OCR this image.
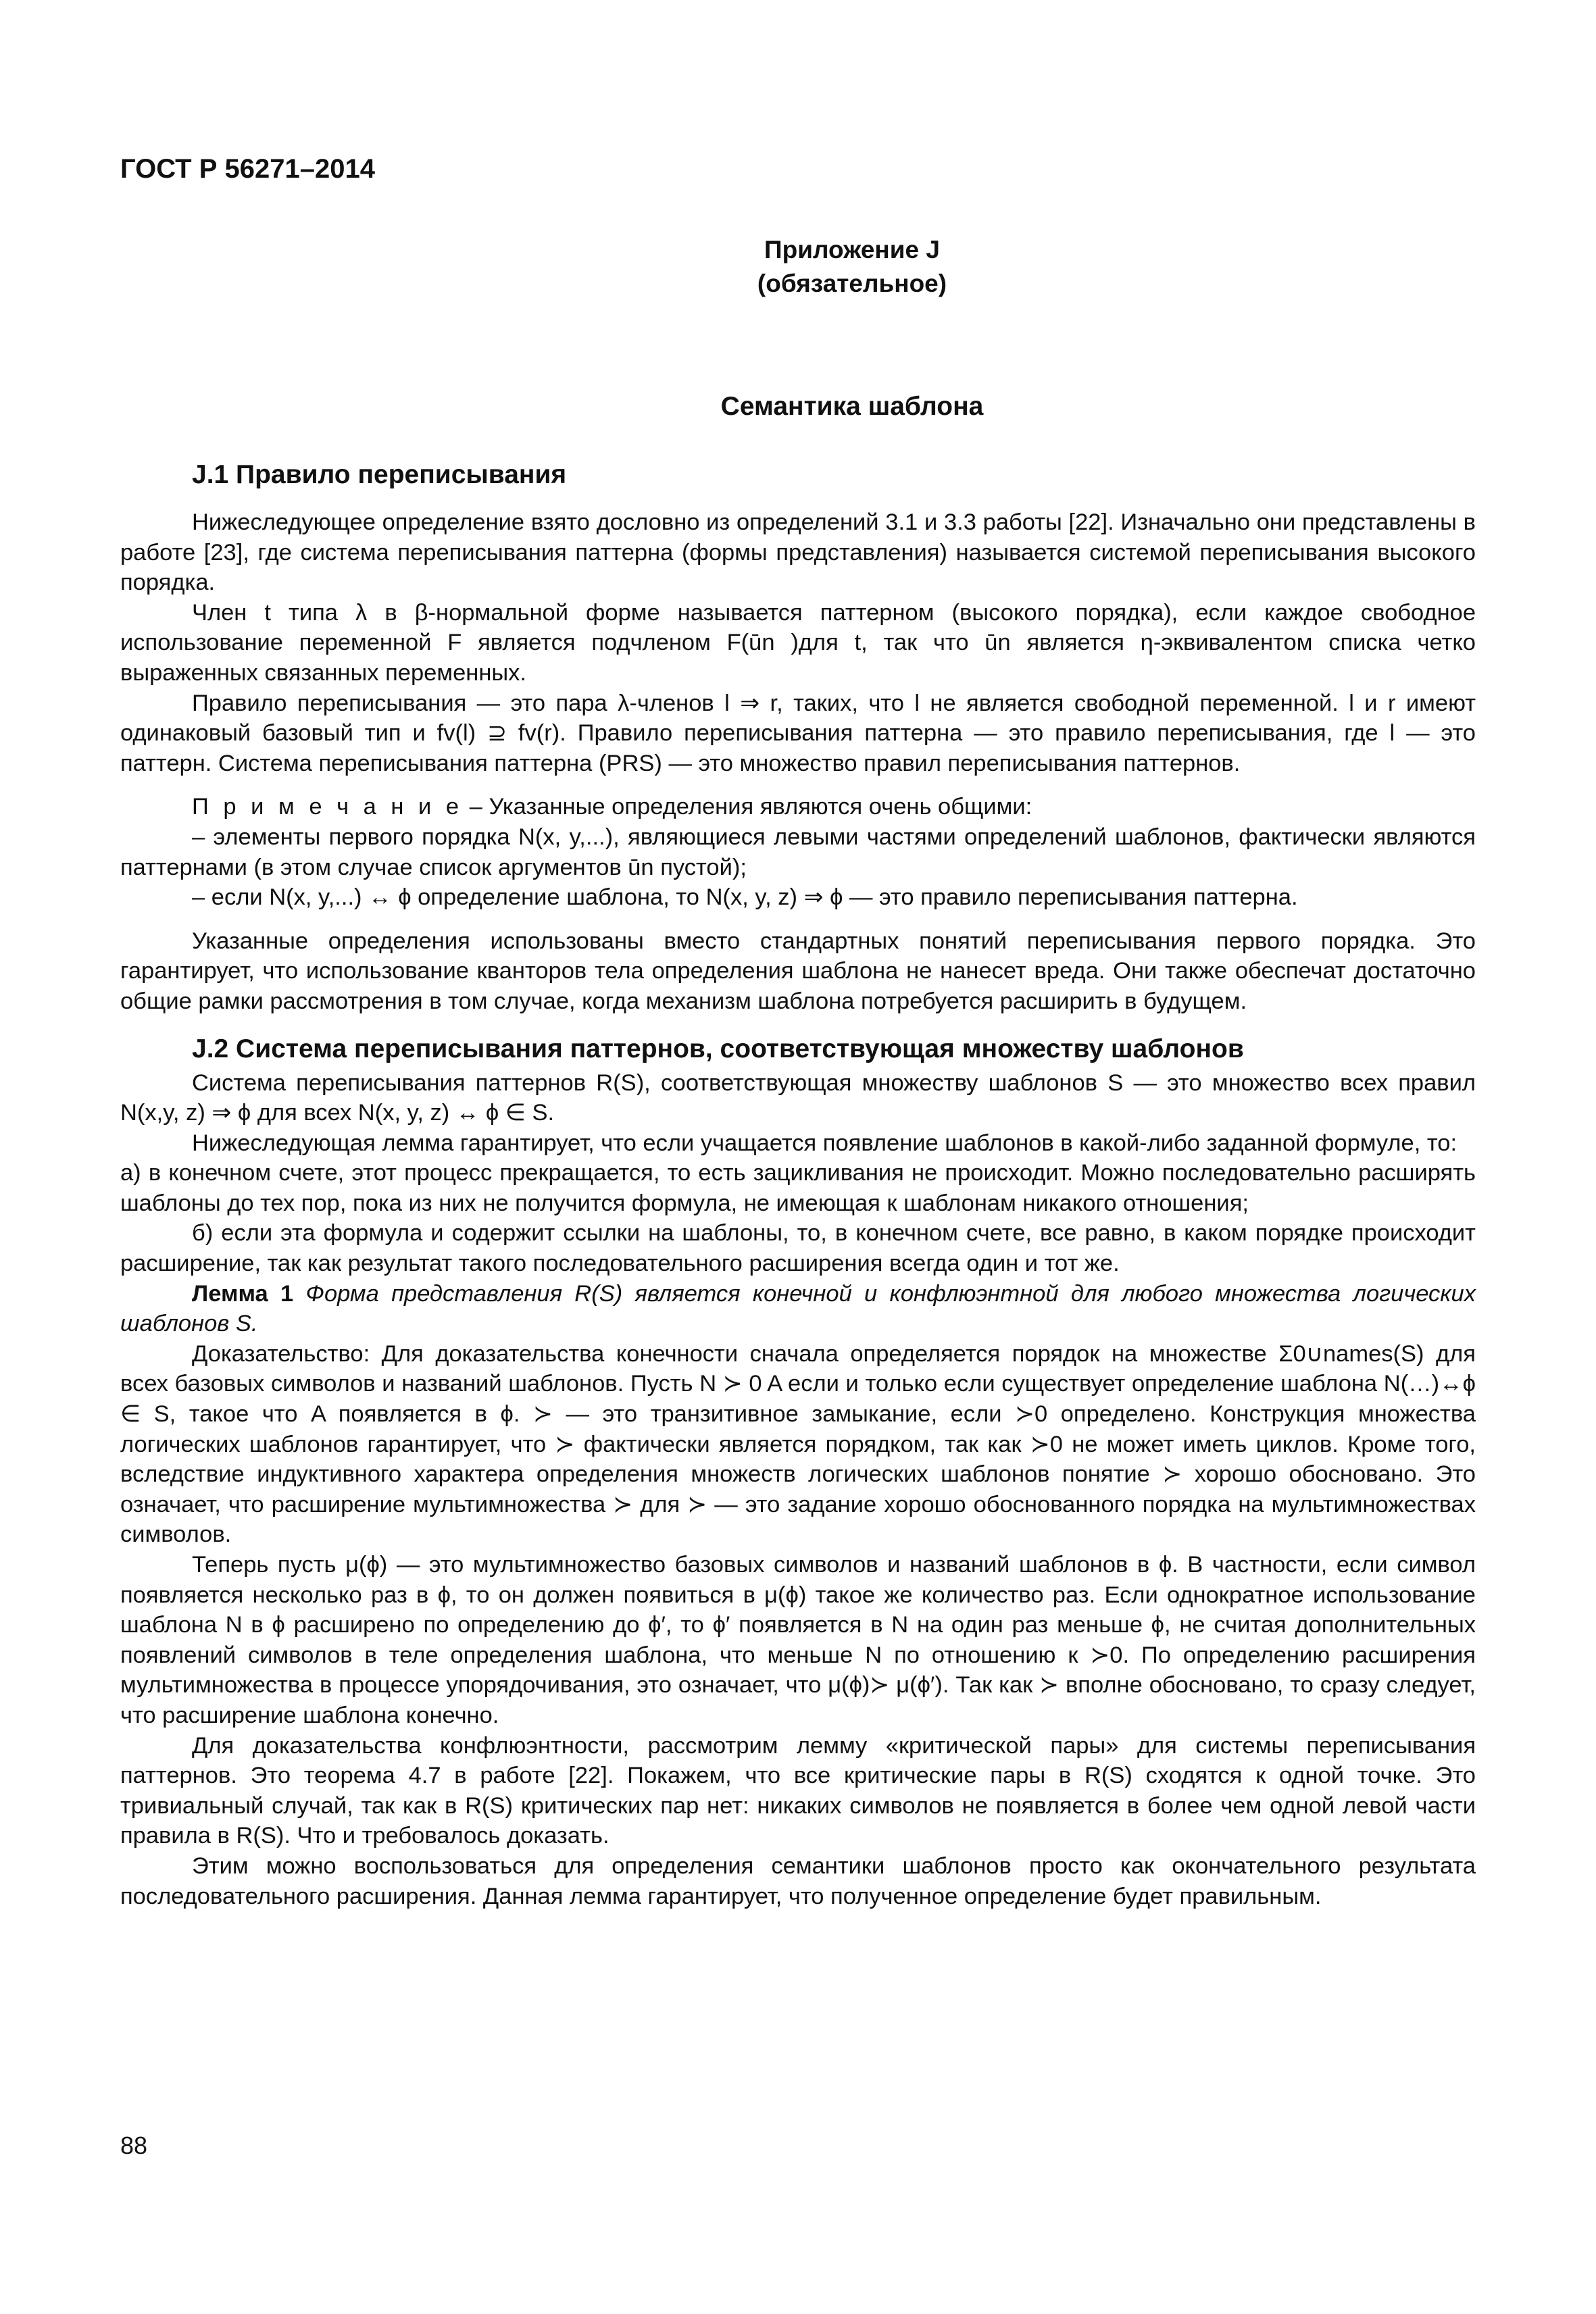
ГОСТ Р 56271–2014
Приложение J
(обязательное)
Семантика шаблона
J.1 Правило переписывания

Нижеследующее определение взято дословно из определений 3.1 и 3.3 работы [22]. Изначально они представлены в работе [23], где система переписывания паттерна (формы представления) называется системой переписывания высокого порядка.

Член t типа λ в β-нормальной форме называется паттерном (высокого порядка), если каждое свободное использование переменной F является подчленом F(ūn )для t, так что ūn является η-эквивалентом списка четко выраженных связанных переменных.

Правило переписывания — это пара λ-членов l ⇒ r, таких, что l не является свободной переменной. l и r имеют одинаковый базовый тип и fv(l) ⊇ fv(r). Правило переписывания паттерна — это правило переписывания, где l — это паттерн. Система переписывания паттерна (PRS) — это множество правил переписывания паттернов.

П р и м е ч а н и е – Указанные определения являются очень общими:

– элементы первого порядка N(x, y,...), являющиеся левыми частями определений шаблонов, фактически являются паттернами (в этом случае список аргументов ūn пустой);

– если N(x, y,...) ↔ ϕ определение шаблона, то N(x, y, z) ⇒ ϕ — это правило переписывания паттерна.

Указанные определения использованы вместо стандартных понятий переписывания первого порядка. Это гарантирует, что использование кванторов тела определения шаблона не нанесет вреда. Они также обеспечат достаточно общие рамки рассмотрения в том случае, когда механизм шаблона потребуется расширить в будущем.

J.2 Система переписывания паттернов, соответствующая множеству шаблонов

Система переписывания паттернов R(S), соответствующая множеству шаблонов S — это множество всех правил N(x,y, z) ⇒ ϕ для всех N(x, y, z) ↔ ϕ ∈ S.

Нижеследующая лемма гарантирует, что если учащается появление шаблонов в какой-либо заданной формуле, то:

а) в конечном счете, этот процесс прекращается, то есть зацикливания не происходит. Можно последовательно расширять шаблоны до тех пор, пока из них не получится формула, не имеющая к шаблонам никакого отношения;

б) если эта формула и содержит ссылки на шаблоны, то, в конечном счете, все равно, в каком порядке происходит расширение, так как результат такого последовательного расширения всегда один и тот же.

Лемма 1 Форма представления R(S) является конечной и конфлюэнтной для любого множества логических шаблонов S.

Доказательство: Для доказательства конечности сначала определяется порядок на множестве Σ0∪names(S) для всех базовых символов и названий шаблонов. Пусть N ≻ 0 A если и только если существует определение шаблона N(…)↔ϕ ∈ S, такое что A появляется в ϕ. ≻ — это транзитивное замыкание, если ≻0 определено. Конструкция множества логических шаблонов гарантирует, что ≻ фактически является порядком, так как ≻0 не может иметь циклов. Кроме того, вследствие индуктивного характера определения множеств логических шаблонов понятие ≻ хорошо обосновано. Это означает, что расширение мультимножества ≻ для ≻ — это задание хорошо обоснованного порядка на мультимножествах символов.

Теперь пусть μ(ϕ) — это мультимножество базовых символов и названий шаблонов в ϕ. В частности, если символ появляется несколько раз в ϕ, то он должен появиться в μ(ϕ) такое же количество раз. Если однократное использование шаблона N в ϕ расширено по определению до ϕ′, то ϕ′ появляется в N на один раз меньше ϕ, не считая дополнительных появлений символов в теле определения шаблона, что меньше N по отношению к ≻0. По определению расширения мультимножества в процессе упорядочивания, это означает, что μ(ϕ)≻ μ(ϕ′). Так как ≻ вполне обосновано, то сразу следует, что расширение шаблона конечно.

Для доказательства конфлюэнтности, рассмотрим лемму «критической пары» для системы переписывания паттернов. Это теорема 4.7 в работе [22]. Покажем, что все критические пары в R(S) сходятся к одной точке. Это тривиальный случай, так как в R(S) критических пар нет: никаких символов не появляется в более чем одной левой части правила в R(S). Что и требовалось доказать.

Этим можно воспользоваться для определения семантики шаблонов просто как окончательного результата последовательного расширения. Данная лемма гарантирует, что полученное определение будет правильным.

88
